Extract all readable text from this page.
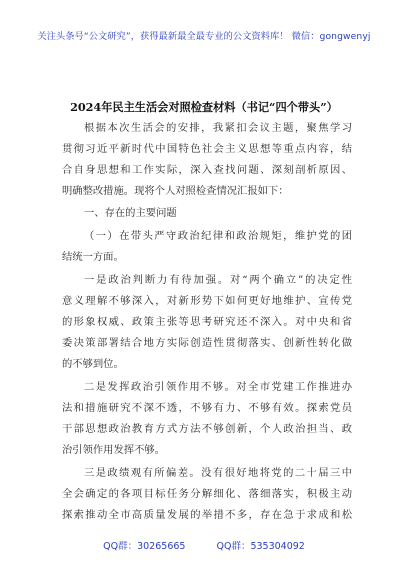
关注头条号“公文研究”，获得最新最全最专业的公文资料库！ 微信：gongwenyj
2024年民主生活会对照检查材料（书记“四个带头”）
根据本次生活会的安排，我紧扣会议主题，聚焦学习
贯彻习近平新时代中国特色社会主义思想等重点内容，结
合自身思想和工作实际，深入查找问题、深刻剖析原因、
明确整改措施。现将个人对照检查情况汇报如下：
一、存在的主要问题
（一）在带头严守政治纪律和政治规矩，维护党的团
结统一方面。
一是政治判断力有待加强。对“两个确立”的决定性
意义理解不够深入，对新形势下如何更好地维护、宣传党
的形象权威、政策主张等思考研究还不深入。对中央和省
委决策部署结合地方实际创造性贯彻落实、创新性转化做
的不够到位。
二是发挥政治引领作用不够。对全市党建工作推进办
法和措施研究不深不透，不够有力、不够有效。探索党员
干部思想政治教育方式方法不够创新，个人政治担当、政
治引领作用发挥不够。
三是政绩观有所偏差。没有很好地将党的二十届三中
全会确定的各项目标任务分解细化、落细落实，积极主动
探索推动全市高质量发展的举措不多，存在急于求成和松
QQ群：30265665	QQ群：535304092
